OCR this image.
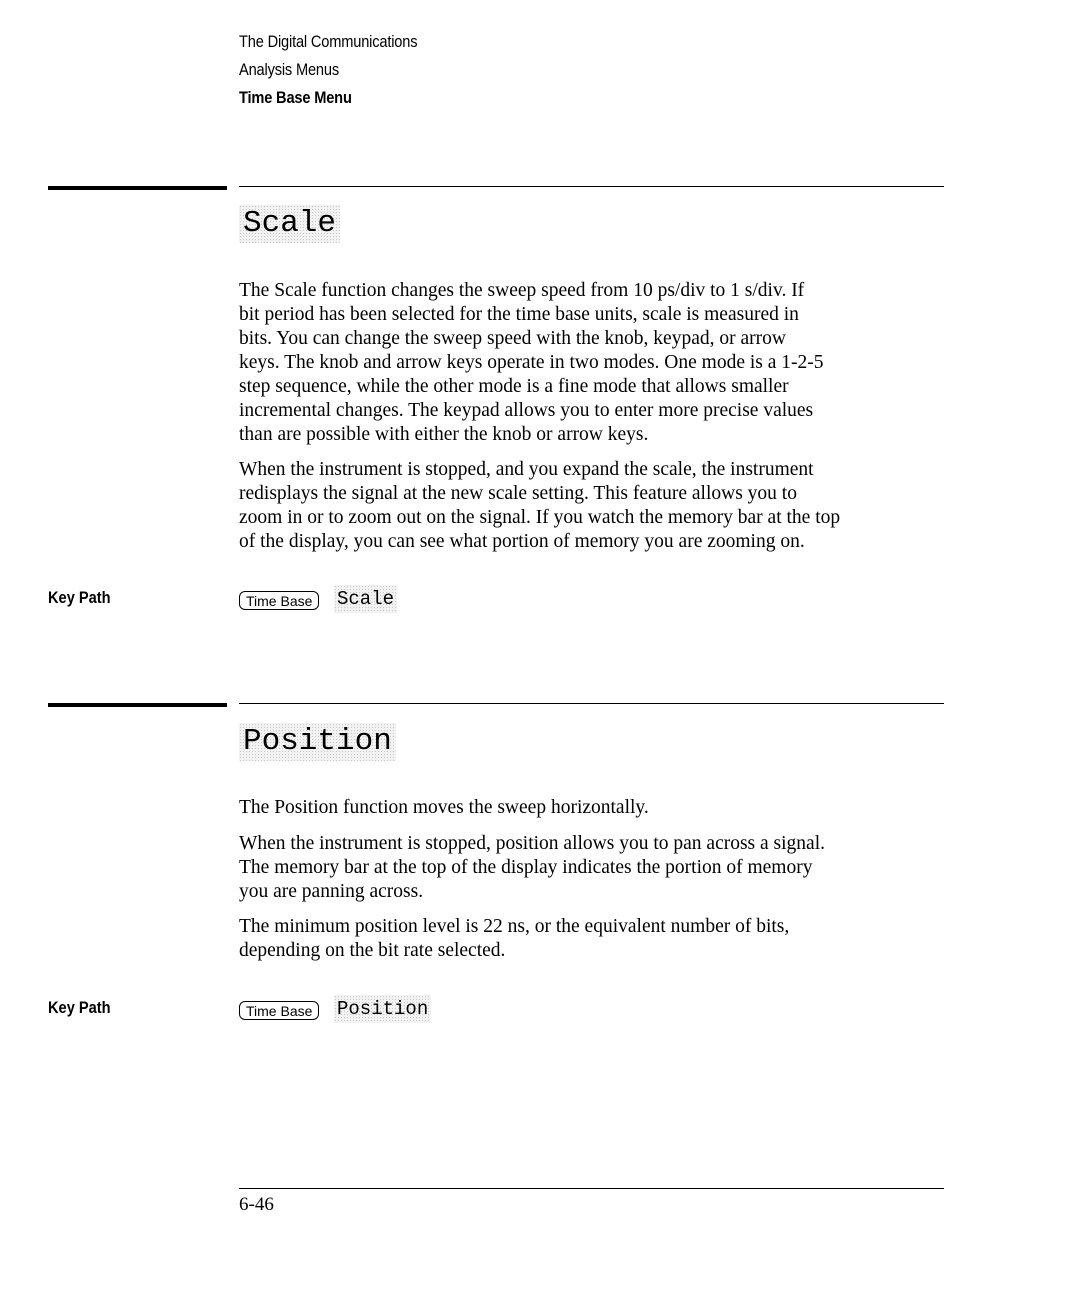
The Digital Communications
Analysis Menus
Time Base Menu
Scale

The Scale function changes the sweep speed from 10 ps/div to 1 s/div. If
bit period has been selected for the time base units, scale is measured in
bits. You can change the sweep speed with the knob, keypad, or arrow
keys. The knob and arrow keys operate in two modes. One mode is a 1-2-5
step sequence, while the other mode is a fine mode that allows smaller
incremental changes. The keypad allows you to enter more precise values
than are possible with either the knob or arrow keys.

When the instrument is stopped, and you expand the scale, the instrument
redisplays the signal at the new scale setting. This feature allows you to
zoom in or to zoom out on the signal. If you watch the memory bar at the top
of the display, you can see what portion of memory you are zooming on.

Key Path	Time Base	Scale
Position

The Position function moves the sweep horizontally.

When the instrument is stopped, position allows you to pan across a signal.
The memory bar at the top of the display indicates the portion of memory
you are panning across.

The minimum position level is 22 ns, or the equivalent number of bits,
depending on the bit rate selected.

Key Path	Time Base	Position
6-46
